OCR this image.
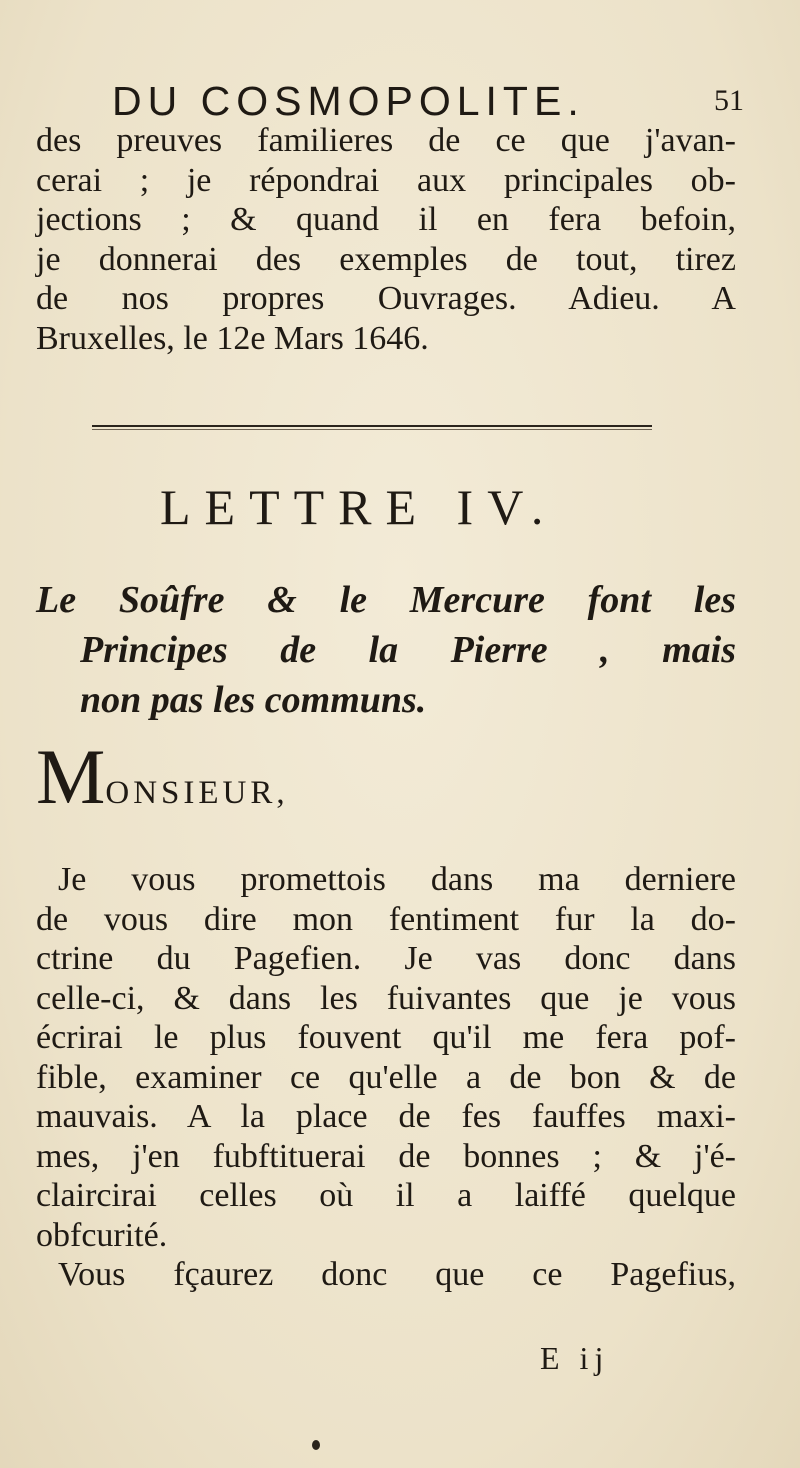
DU COSMOPOLITE.	51
des preuves familieres de ce que j'avan-
cerai ; je répondrai aux principales ob-
jections ; & quand il en fera befoin,
je donnerai des exemples de tout, tirez
de nos propres Ouvrages. Adieu. A
Bruxelles, le 12e Mars 1646.
LETTRE IV.
Le Soûfre & le Mercure font les
Principes de la Pierre , mais
non pas les communs.
MONSIEUR,
Je vous promettois dans ma derniere
de vous dire mon fentiment fur la do-
ctrine du Pagefien. Je vas donc dans
celle-ci, & dans les fuivantes que je vous
écrirai le plus fouvent qu'il me fera pof-
fible, examiner ce qu'elle a de bon & de
mauvais. A la place de fes fauffes maxi-
mes, j'en fubftituerai de bonnes ; & j'é-
claircirai celles où il a laiffé quelque
obfcurité.
Vous fçaurez donc que ce Pagefius,
E ij
